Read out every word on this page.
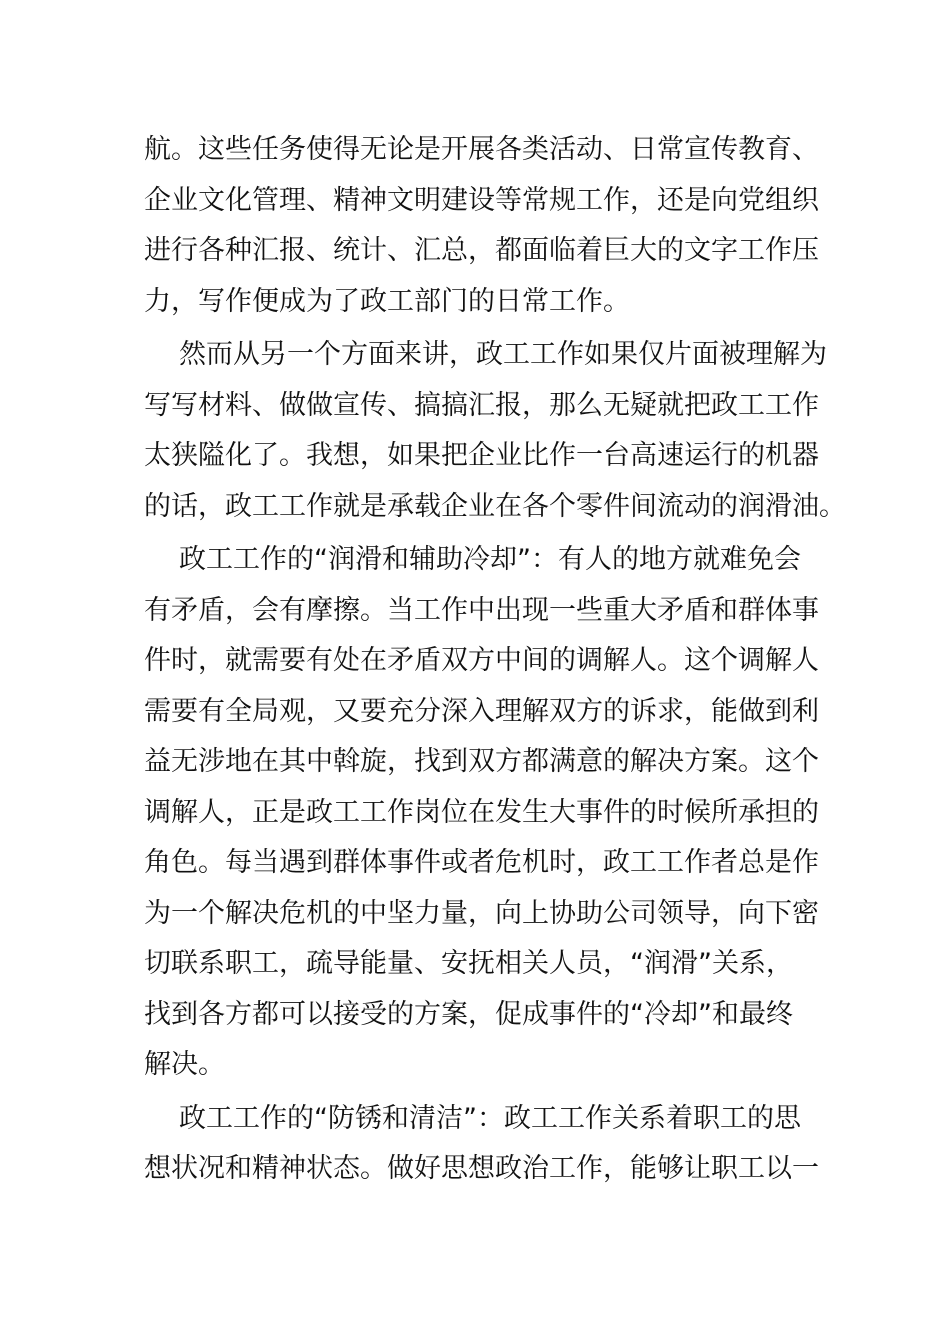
航。这些任务使得无论是开展各类活动、日常宣传教育、
企业文化管理、精神文明建设等常规工作，还是向党组织
进行各种汇报、统计、汇总，都面临着巨大的文字工作压
力，写作便成为了政工部门的日常工作。

然而从另一个方面来讲，政工工作如果仅片面被理解为
写写材料、做做宣传、搞搞汇报，那么无疑就把政工工作
太狭隘化了。我想，如果把企业比作一台高速运行的机器
的话，政工工作就是承载企业在各个零件间流动的润滑油。

政工工作的“润滑和辅助冷却”：有人的地方就难免会
有矛盾，会有摩擦。当工作中出现一些重大矛盾和群体事
件时，就需要有处在矛盾双方中间的调解人。这个调解人
需要有全局观，又要充分深入理解双方的诉求，能做到利
益无涉地在其中斡旋，找到双方都满意的解决方案。这个
调解人，正是政工工作岗位在发生大事件的时候所承担的
角色。每当遇到群体事件或者危机时，政工工作者总是作
为一个解决危机的中坚力量，向上协助公司领导，向下密
切联系职工，疏导能量、安抚相关人员，“润滑”关系，
找到各方都可以接受的方案，促成事件的“冷却”和最终
解决。

政工工作的“防锈和清洁”：政工工作关系着职工的思
想状况和精神状态。做好思想政治工作，能够让职工以一
